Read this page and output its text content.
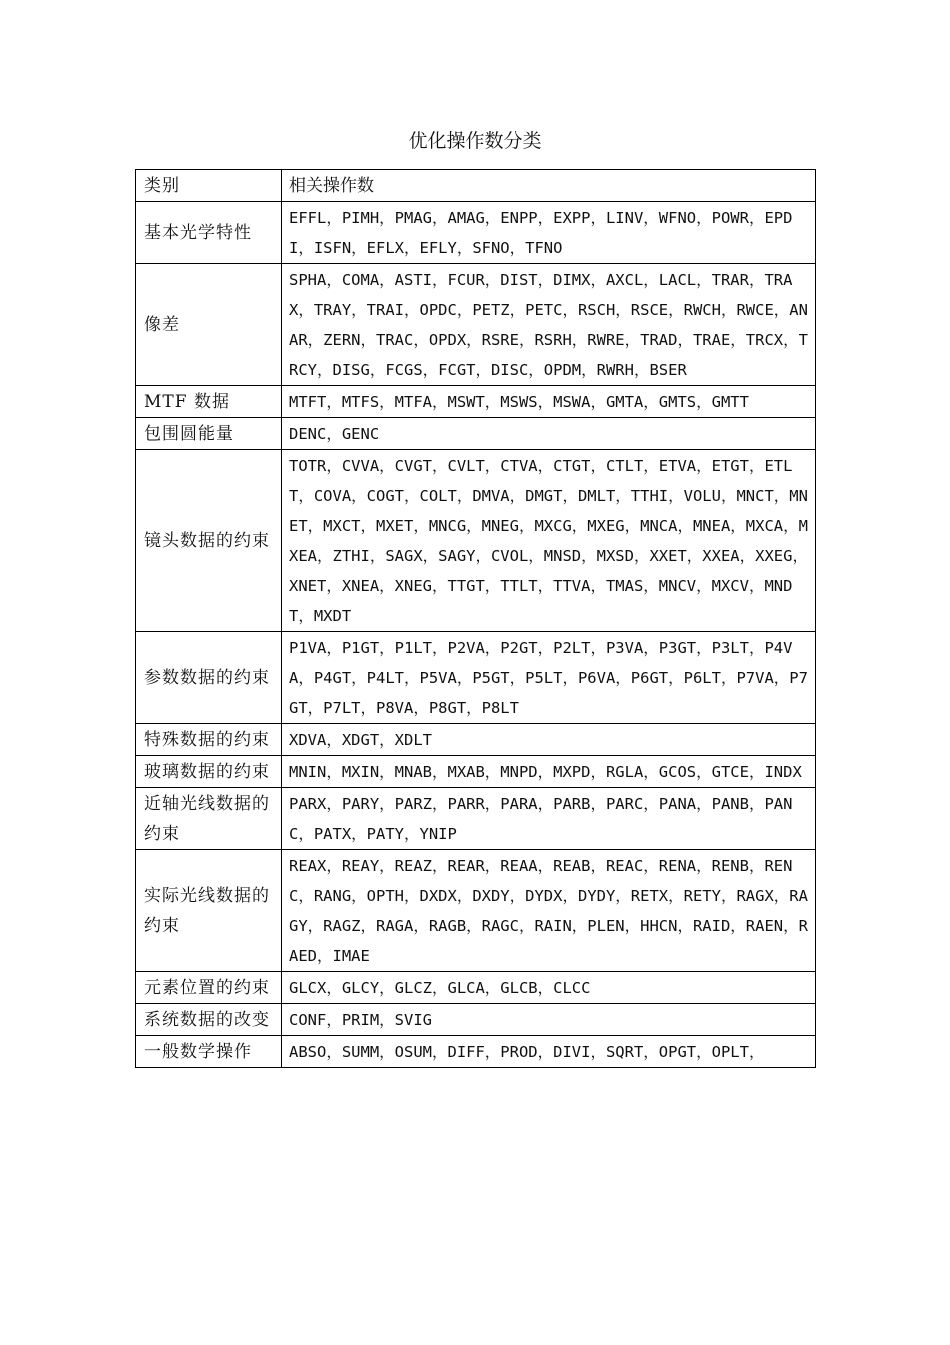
优化操作数分类
类别	相关操作数
基本光学特性	EFFL，PIMH，PMAG，AMAG，ENPP，EXPP，LINV，WFNO，POWR，EPDI，ISFN，EFLX，EFLY，SFNO，TFNO
像差	SPHA，COMA，ASTI，FCUR，DIST，DIMX，AXCL，LACL，TRAR，TRAX，TRAY，TRAI，OPDC，PETZ，PETC，RSCH，RSCE，RWCH，RWCE，ANAR，ZERN，TRAC，OPDX，RSRE，RSRH，RWRE，TRAD，TRAE，TRCX，TRCY，DISG，FCGS，FCGT，DISC，OPDM，RWRH，BSER
MTF 数据	MTFT，MTFS，MTFA，MSWT，MSWS，MSWA，GMTA，GMTS，GMTT
包围圆能量	DENC，GENC
镜头数据的约束	TOTR，CVVA，CVGT，CVLT，CTVA，CTGT，CTLT，ETVA，ETGT，ETLT，COVA，COGT，COLT，DMVA，DMGT，DMLT，TTHI，VOLU，MNCT，MNET，MXCT，MXET，MNCG，MNEG，MXCG，MXEG，MNCA，MNEA，MXCA，MXEA，ZTHI，SAGX，SAGY，CVOL，MNSD，MXSD，XXET，XXEA，XXEG，XNET，XNEA，XNEG，TTGT，TTLT，TTVA，TMAS，MNCV，MXCV，MNDT，MXDT
参数数据的约束	P1VA，P1GT，P1LT，P2VA，P2GT，P2LT，P3VA，P3GT，P3LT，P4VA，P4GT，P4LT，P5VA，P5GT，P5LT，P6VA，P6GT，P6LT，P7VA，P7GT，P7LT，P8VA，P8GT，P8LT
特殊数据的约束	XDVA，XDGT，XDLT
玻璃数据的约束	MNIN，MXIN，MNAB，MXAB，MNPD，MXPD，RGLA，GCOS，GTCE，INDX
近轴光线数据的约束	PARX，PARY，PARZ，PARR，PARA，PARB，PARC，PANA，PANB，PANC，PATX，PATY，YNIP
实际光线数据的约束	REAX，REAY，REAZ，REAR，REAA，REAB，REAC，RENA，RENB，RENC，RANG，OPTH，DXDX，DXDY，DYDX，DYDY，RETX，RETY，RAGX，RAGY，RAGZ，RAGA，RAGB，RAGC，RAIN，PLEN，HHCN，RAID，RAEN，RAED，IMAE
元素位置的约束	GLCX，GLCY，GLCZ，GLCA，GLCB，CLCC
系统数据的改变	CONF，PRIM，SVIG
一般数学操作	ABSO，SUMM，OSUM，DIFF，PROD，DIVI，SQRT，OPGT，OPLT，
